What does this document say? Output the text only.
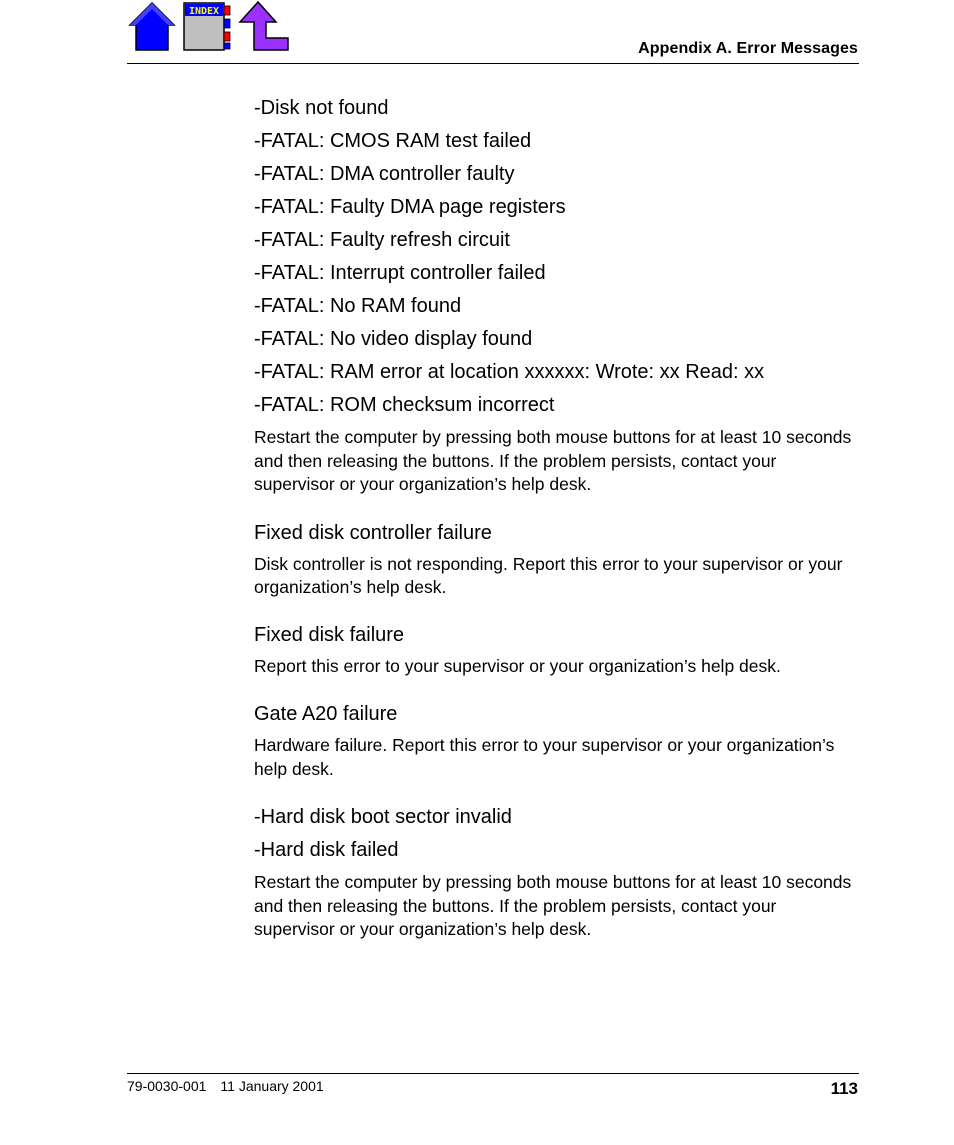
INDEX
Appendix A. Error Messages
-Disk not found
-FATAL: CMOS RAM test failed
-FATAL: DMA controller faulty
-FATAL: Faulty DMA page registers
-FATAL: Faulty refresh circuit
-FATAL: Interrupt controller failed
-FATAL: No RAM found
-FATAL: No video display found
-FATAL: RAM error at location xxxxxx: Wrote: xx Read: xx
-FATAL: ROM checksum incorrect
Restart the computer by pressing both mouse buttons for at least 10 seconds and then releasing the buttons. If the problem persists, contact your supervisor or your organization’s help desk.
Fixed disk controller failure
Disk controller is not responding. Report this error to your supervisor or your organization’s help desk.
Fixed disk failure
Report this error to your supervisor or your organization’s help desk.
Gate A20 failure
Hardware failure. Report this error to your supervisor or your organization’s help desk.
-Hard disk boot sector invalid
-Hard disk failed
Restart the computer by pressing both mouse buttons for at least 10 seconds and then releasing the buttons. If the problem persists, contact your supervisor or your organization’s help desk.
79-0030-001 11 January 2001	113
